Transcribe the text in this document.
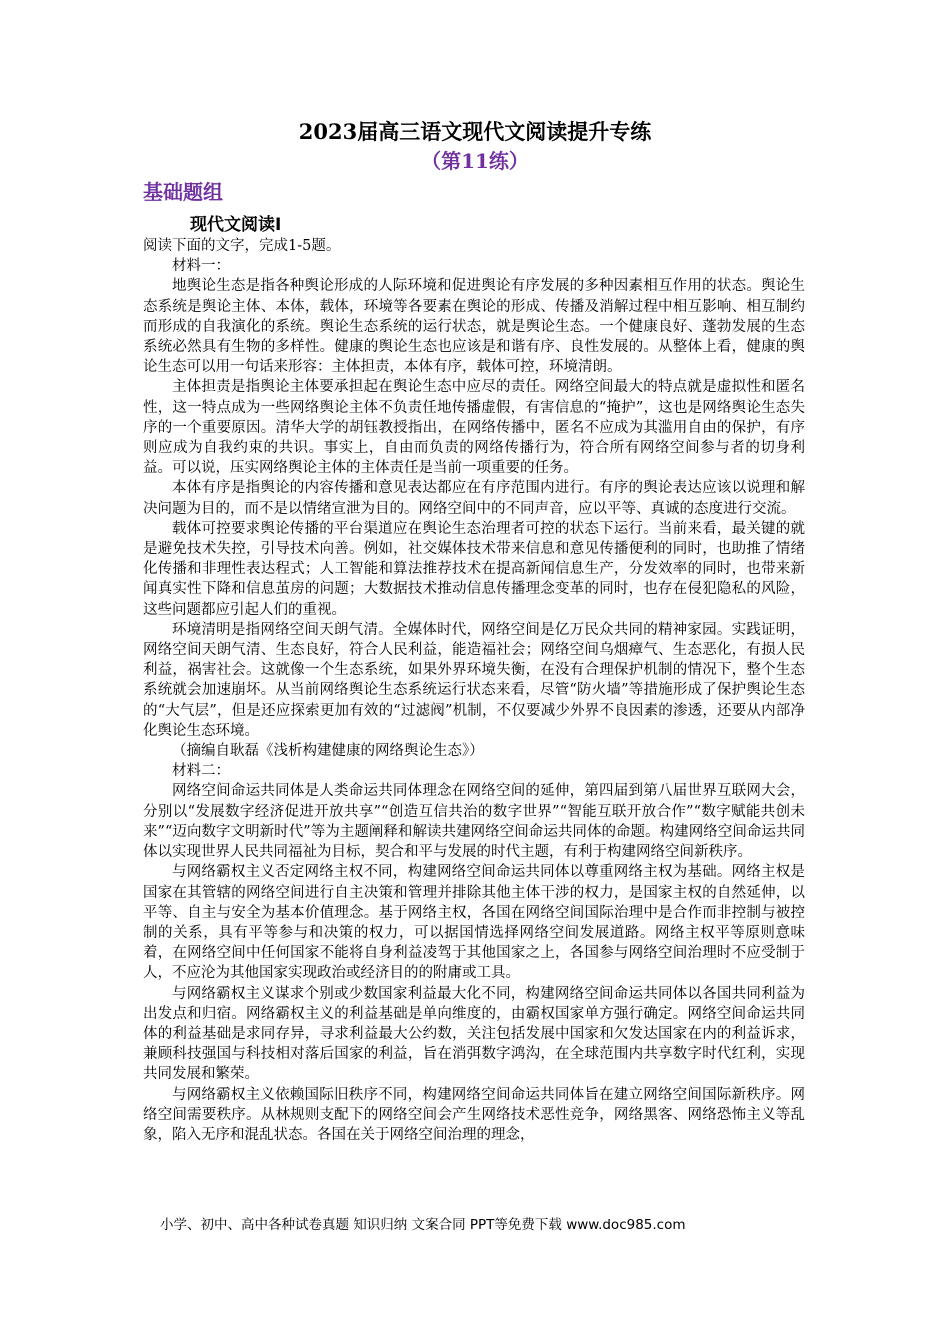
2023届高三语文现代文阅读提升专练
（第11练）
基础题组
现代文阅读Ⅰ

阅读下面的文字，完成1-5题。

材料一：

地舆论生态是指各种舆论形成的人际环境和促进舆论有序发展的多种因素相互作用的状态。舆论生态系统是舆论主体、本体，载体，环境等各要素在舆论的形成、传播及消解过程中相互影响、相互制约而形成的自我演化的系统。舆论生态系统的运行状态，就是舆论生态。一个健康良好、蓬勃发展的生态系统必然具有生物的多样性。健康的舆论生态也应该是和谐有序、良性发展的。从整体上看，健康的舆论生态可以用一句话来形容：主体担责，本体有序，载体可控，环境清朗。

主体担责是指舆论主体要承担起在舆论生态中应尽的责任。网络空间最大的特点就是虚拟性和匿名性，这一特点成为一些网络舆论主体不负责任地传播虚假，有害信息的“掩护”，这也是网络舆论生态失序的一个重要原因。清华大学的胡钰教授指出，在网络传播中，匿名不应成为其滥用自由的保护，有序则应成为自我约束的共识。事实上，自由而负责的网络传播行为，符合所有网络空间参与者的切身利益。可以说，压实网络舆论主体的主体责任是当前一项重要的任务。

本体有序是指舆论的内容传播和意见表达都应在有序范围内进行。有序的舆论表达应该以说理和解决问题为目的，而不是以情绪宣泄为目的。网络空间中的不同声音，应以平等、真诚的态度进行交流。

载体可控要求舆论传播的平台渠道应在舆论生态治理者可控的状态下运行。当前来看，最关键的就是避免技术失控，引导技术向善。例如，社交媒体技术带来信息和意见传播便利的同时，也助推了情绪化传播和非理性表达程式；人工智能和算法推荐技术在提高新闻信息生产，分发效率的同时，也带来新闻真实性下降和信息茧房的问题；大数据技术推动信息传播理念变革的同时，也存在侵犯隐私的风险，这些问题都应引起人们的重视。

环境清明是指网络空间天朗气清。全媒体时代，网络空间是亿万民众共同的精神家园。实践证明，网络空间天朗气清、生态良好，符合人民利益，能造福社会；网络空间乌烟瘴气、生态恶化，有损人民利益，祸害社会。这就像一个生态系统，如果外界环境失衡，在没有合理保护机制的情况下，整个生态系统就会加速崩坏。从当前网络舆论生态系统运行状态来看，尽管“防火墙”等措施形成了保护舆论生态的“大气层”，但是还应探索更加有效的“过滤阀”机制，不仅要减少外界不良因素的渗透，还要从内部净化舆论生态环境。

（摘编自耿磊《浅析构建健康的网络舆论生态》）

材料二：

网络空间命运共同体是人类命运共同体理念在网络空间的延伸，第四届到第八届世界互联网大会，分别以“发展数字经济促进开放共享”“创造互信共治的数字世界”“智能互联开放合作”“数字赋能共创未来”“迈向数字文明新时代”等为主题阐释和解读共建网络空间命运共同体的命题。构建网络空间命运共同体以实现世界人民共同福祉为目标，契合和平与发展的时代主题，有利于构建网络空间新秩序。

与网络霸权主义否定网络主权不同，构建网络空间命运共同体以尊重网络主权为基础。网络主权是国家在其管辖的网络空间进行自主决策和管理并排除其他主体干涉的权力，是国家主权的自然延伸，以平等、自主与安全为基本价值理念。基于网络主权，各国在网络空间国际治理中是合作而非控制与被控制的关系，具有平等参与和决策的权力，可以据国情选择网络空间发展道路。网络主权平等原则意味着，在网络空间中任何国家不能将自身利益凌驾于其他国家之上，各国参与网络空间治理时不应受制于人，不应沦为其他国家实现政治或经济目的的附庸或工具。

与网络霸权主义谋求个别或少数国家利益最大化不同，构建网络空间命运共同体以各国共同利益为出发点和归宿。网络霸权主义的利益基础是单向维度的，由霸权国家单方强行确定。网络空间命运共同体的利益基础是求同存异，寻求利益最大公约数，关注包括发展中国家和欠发达国家在内的利益诉求，兼顾科技强国与科技相对落后国家的利益，旨在消弭数字鸿沟，在全球范围内共享数字时代红利，实现共同发展和繁荣。

与网络霸权主义依赖国际旧秩序不同，构建网络空间命运共同体旨在建立网络空间国际新秩序。网络空间需要秩序。从林规则支配下的网络空间会产生网络技术恶性竞争，网络黑客、网络恐怖主义等乱象，陷入无序和混乱状态。各国在关于网络空间治理的理念，

小学、初中、高中各种试卷真题 知识归纳 文案合同 PPT等免费下载 www.doc985.com
